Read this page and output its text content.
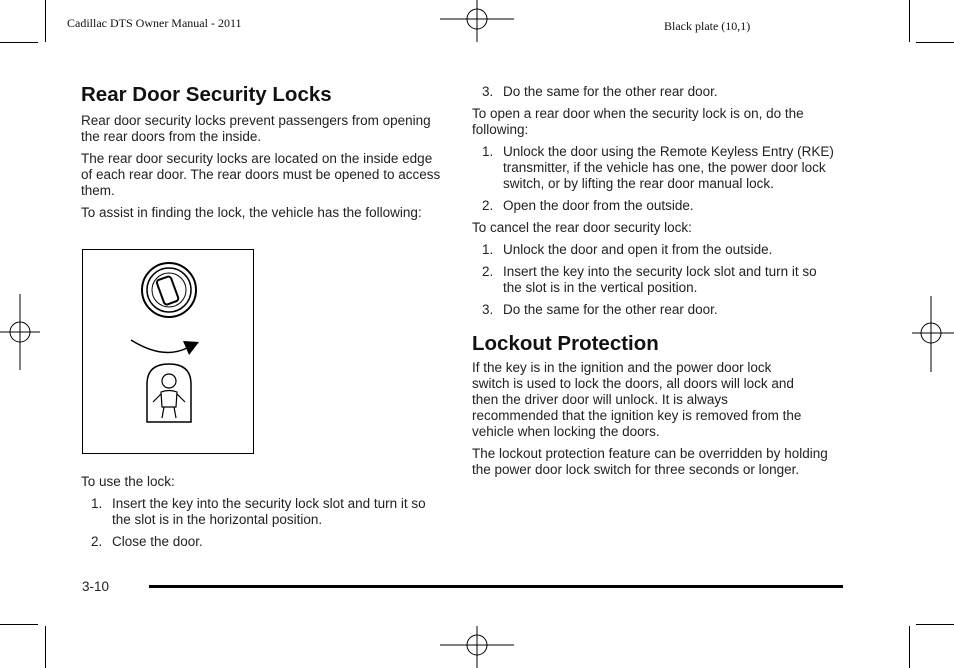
Cadillac DTS Owner Manual - 2011	Black plate (10,1)
Rear Door Security Locks

Rear door security locks prevent passengers from opening the rear doors from the inside.

The rear door security locks are located on the inside edge of each rear door. The rear doors must be opened to access them.

To assist in finding the lock, the vehicle has the following:

To use the lock:

1. Insert the key into the security lock slot and turn it so the slot is in the horizontal position.
2. Close the door.
3. Do the same for the other rear door.

To open a rear door when the security lock is on, do the following:

1. Unlock the door using the Remote Keyless Entry (RKE) transmitter, if the vehicle has one, the power door lock switch, or by lifting the rear door manual lock.
2. Open the door from the outside.

To cancel the rear door security lock:

1. Unlock the door and open it from the outside.
2. Insert the key into the security lock slot and turn it so the slot is in the vertical position.
3. Do the same for the other rear door.
Lockout Protection

If the key is in the ignition and the power door lock switch is used to lock the doors, all doors will lock and then the driver door will unlock. It is always recommended that the ignition key is removed from the vehicle when locking the doors.

The lockout protection feature can be overridden by holding the power door lock switch for three seconds or longer.

3-10
